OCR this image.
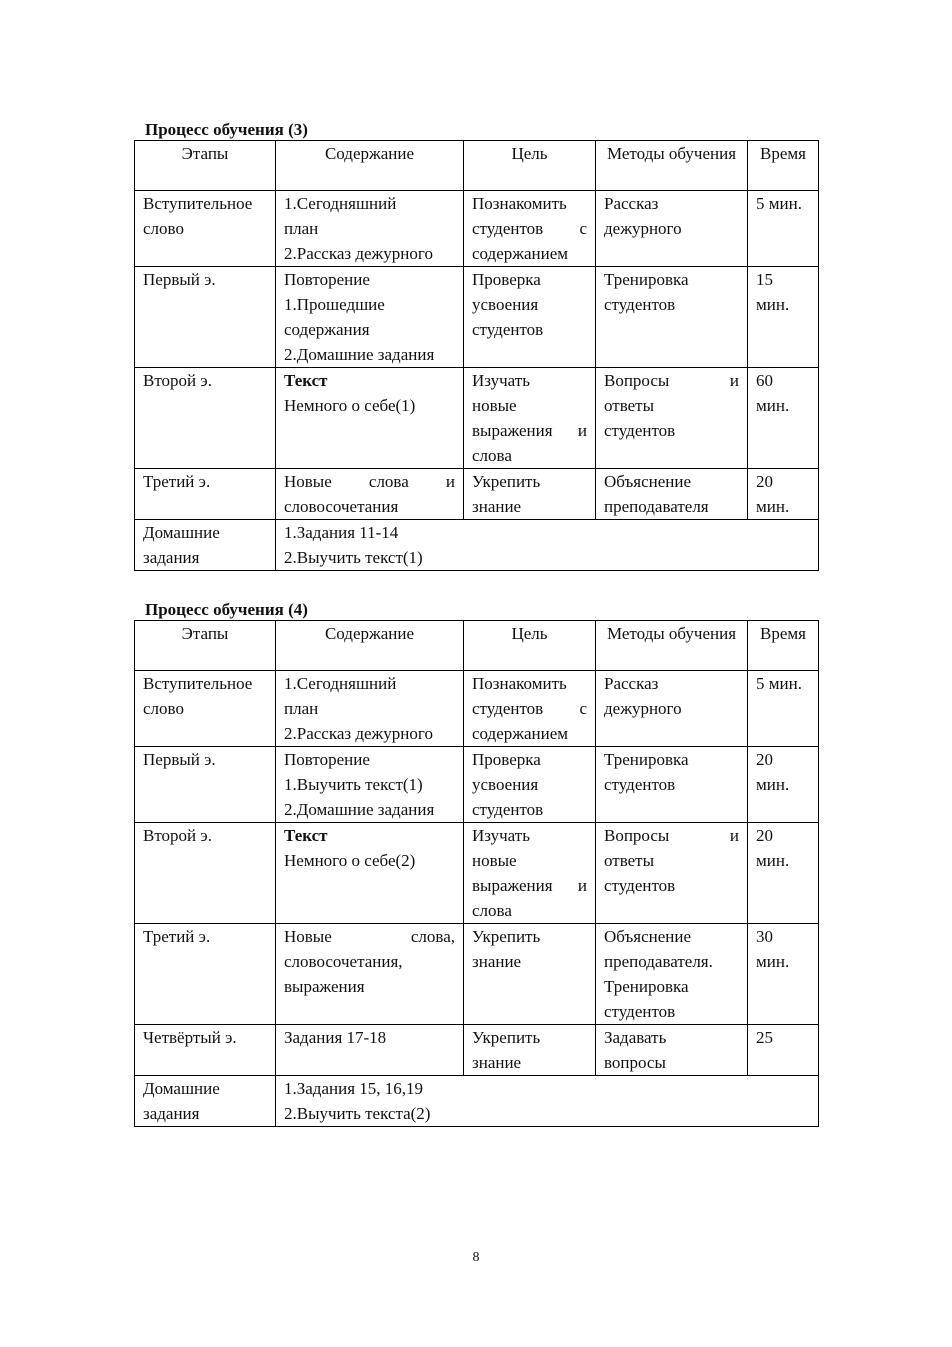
Процесс обучения (3)
Этапы	Содержание	Цель	Методы обучения	Время
Вступительное слово	1.Сегодняшний
план
2.Рассказ дежурного	Познакомить
студентов с
содержанием	Рассказ
дежурного	5 мин.

Первый э.	Повторение
1.Прошедшие
содержания
2.Домашние задания	Проверка
усвоения
студентов	Тренировка
студентов	15
мин.

Второй э.	Текст
Немного о себе(1)	Изучать
новые
выражения и
слова	Вопросы и
ответы
студентов	60
мин.

Третий э.	Новые слова и
словосочетания	Укрепить
знание	Объяснение
преподавателя	20
мин.

Домашние
задания	1.Задания 11-14
2.Выучить текст(1)			
Процесс обучения (4)
Этапы	Содержание	Цель	Методы обучения	Время
Вступительное слово	1.Сегодняшний
план
2.Рассказ дежурного	Познакомить
студентов с
содержанием	Рассказ
дежурного	5 мин.

Первый э.	Повторение
1.Выучить текст(1)
2.Домашние задания	Проверка
усвоения
студентов	Тренировка
студентов	20
мин.

Второй э.	Текст
Немного о себе(2)	Изучать
новые
выражения и
слова	Вопросы и
ответы
студентов	20
мин.

Третий э.	Новые слова,
словосочетания,
выражения	Укрепить
знание	Объяснение
преподавателя.
Тренировка
студентов	30
мин.

Четвёртый э.	Задания 17-18	Укрепить
знание	Задавать
вопросы	25

Домашние
задания	1.Задания 15, 16,19
2.Выучить текста(2)			
8
